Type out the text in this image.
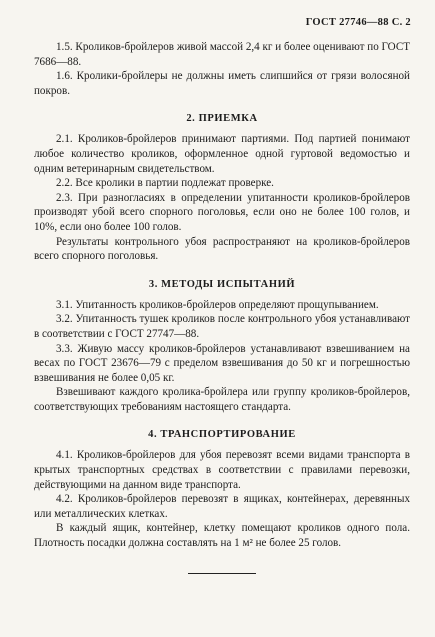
ГОСТ 27746—88 С. 2

1.5. Кроликов-бройлеров живой массой 2,4 кг и более оценивают по ГОСТ 7686—88.

1.6. Кролики-бройлеры не должны иметь слипшийся от грязи волосяной покров.

2. ПРИЕМКА

2.1. Кроликов-бройлеров принимают партиями. Под партией понимают любое количество кроликов, оформленное одной гуртовой ведомостью и одним ветеринарным свидетельством.

2.2. Все кролики в партии подлежат проверке.

2.3. При разногласиях в определении упитанности кроликов-бройлеров производят убой всего спорного поголовья, если оно не более 100 голов, и 10%, если оно более 100 голов.

Результаты контрольного убоя распространяют на кроликов-бройлеров всего спорного поголовья.

3. МЕТОДЫ ИСПЫТАНИЙ

3.1. Упитанность кроликов-бройлеров определяют прощупыванием.

3.2. Упитанность тушек кроликов после контрольного убоя устанавливают в соответствии с ГОСТ 27747—88.

3.3. Живую массу кроликов-бройлеров устанавливают взвешиванием на весах по ГОСТ 23676—79 с пределом взвешивания до 50 кг и погрешностью взвешивания не более 0,05 кг.

Взвешивают каждого кролика-бройлера или группу кроликов-бройлеров, соответствующих требованиям настоящего стандарта.

4. ТРАНСПОРТИРОВАНИЕ

4.1. Кроликов-бройлеров для убоя перевозят всеми видами транспорта в крытых транспортных средствах в соответствии с правилами перевозки, действующими на данном виде транспорта.

4.2. Кроликов-бройлеров перевозят в ящиках, контейнерах, деревянных или металлических клетках.

В каждый ящик, контейнер, клетку помещают кроликов одного пола. Плотность посадки должна составлять на 1 м² не более 25 голов.
